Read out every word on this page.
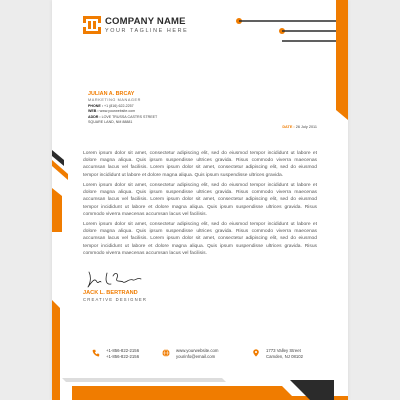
COMPANY NAME
YOUR TAGLINE HERE
JULIAN A. BRCAY
MARKETING MANAGER
PHONE : +1 (816) 622-2257
WEB : www.yourwebsite.com
ADDR : LOVE TRUSSA CASTRS STREET
SQUARE LAND, NM 88881
DATE : 26 July 2011
Lorem ipsum dolor sit amet, consectetur adipiscing elit, sed do eiusmod tempor incididunt ut labore et dolore magna aliqua. Quis ipsum suspendisse ultrices gravida. Risus commodo viverra maecenas accumsan lacus vel facilisis. Lorem ipsum dolor sit amet, consectetur adipiscing elit, sed do eiusmod tempor incididunt ut labore et dolore magna aliqua. Quis ipsum suspendisse ultrices gravida.
Lorem ipsum dolor sit amet, consectetur adipiscing elit, sed do eiusmod tempor incididunt ut labore et dolore magna aliqua. Quis ipsum suspendisse ultrices gravida. Risus commodo viverra maecenas accumsan lacus vel facilisis. Lorem ipsum dolor sit amet, consectetur adipiscing elit, sed do eiusmod tempor incididunt ut labore et dolore magna aliqua. Quis ipsum suspendisse ultrices gravida. Risus commodo viverra maecenas accumsan lacus vel facilisis.
Lorem ipsum dolor sit amet, consectetur adipiscing elit, sed do eiusmod tempor incididunt ut labore et dolore magna aliqua. Quis ipsum suspendisse ultrices gravida. Risus commodo viverra maecenas accumsan lacus vel facilisis. Lorem ipsum dolor sit amet, consectetur adipiscing elit, sed do eiusmod tempor incididunt ut labore et dolore magna aliqua. Quis ipsum suspendisse ultrices gravida. Risus commodo viverra maecenas accumsan lacus vel facilisis.
JACK L. BERTRAND
CREATIVE DESIGNER
+1-856-822-2156
+1-856-822-2156
www.yourwebsite.com
yourinfo@email.com
1773 Valley Street
Camden, NJ 08102
